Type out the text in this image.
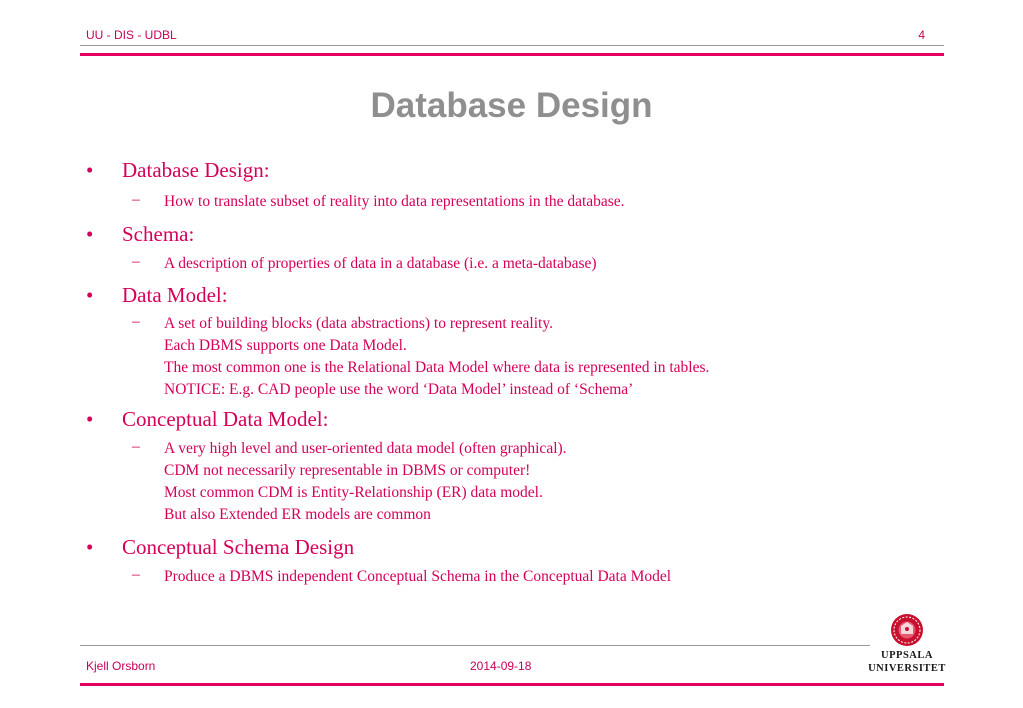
UU - DIS - UDBL	4
Database Design
• Database Design:
– How to translate subset of reality into data representations in the database.
• Schema:
– A description of properties of data in a database (i.e. a meta-database)
• Data Model:
– A set of building blocks (data abstractions) to represent reality.
Each DBMS supports one Data Model.
The most common one is the Relational Data Model where data is represented in tables.
NOTICE: E.g. CAD people use the word ‘Data Model’ instead of ‘Schema’
• Conceptual Data Model:
– A very high level and user-oriented data model (often graphical).
CDM not necessarily representable in DBMS or computer!
Most common CDM is Entity-Relationship (ER) data model.
But also Extended ER models are common
• Conceptual Schema Design
– Produce a DBMS independent Conceptual Schema in the Conceptual Data Model
Kjell Orsborn	2014-09-18
UPPSALA
UNIVERSITET
